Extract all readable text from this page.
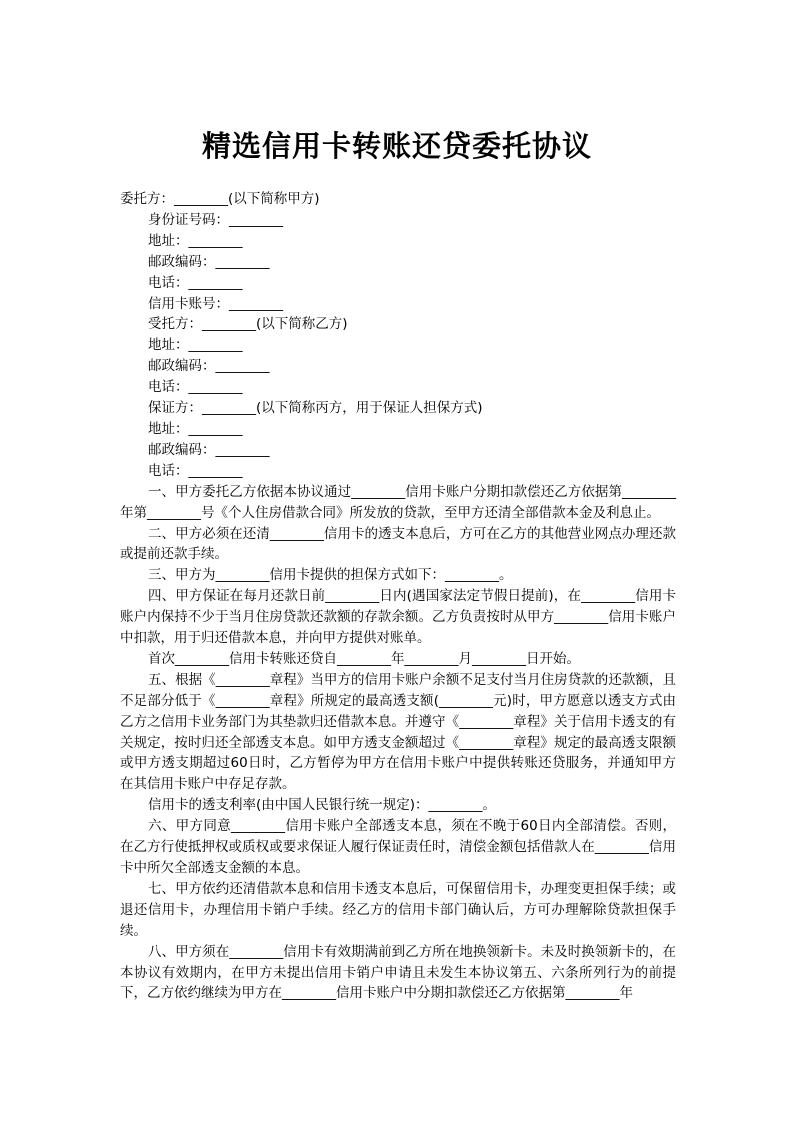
精选信用卡转账还贷委托协议
委托方：________(以下简称甲方)
身份证号码：________
地址：________
邮政编码：________
电话：________
信用卡账号：________
受托方：________(以下简称乙方)
地址：________
邮政编码：________
电话：________
保证方：________(以下简称丙方，用于保证人担保方式)
地址：________
邮政编码：________
电话：________
一、甲方委托乙方依据本协议通过________信用卡账户分期扣款偿还乙方依据第________年第________号《个人住房借款合同》所发放的贷款，至甲方还清全部借款本金及利息止。
二、甲方必须在还清________信用卡的透支本息后，方可在乙方的其他营业网点办理还款或提前还款手续。
三、甲方为________信用卡提供的担保方式如下：________。
四、甲方保证在每月还款日前________日内(遇国家法定节假日提前)，在________信用卡账户内保持不少于当月住房贷款还款额的存款余额。乙方负责按时从甲方________信用卡账户中扣款，用于归还借款本息，并向甲方提供对账单。
首次________信用卡转账还贷自________年________月________日开始。
五、根据《________章程》当甲方的信用卡账户余额不足支付当月住房贷款的还款额，且不足部分低于《________章程》所规定的最高透支额(________元)时，甲方愿意以透支方式由乙方之信用卡业务部门为其垫款归还借款本息。并遵守《________章程》关于信用卡透支的有关规定，按时归还全部透支本息。如甲方透支金额超过《________章程》规定的最高透支限额或甲方透支期超过60日时，乙方暂停为甲方在信用卡账户中提供转账还贷服务，并通知甲方在其信用卡账户中存足存款。
信用卡的透支利率(由中国人民银行统一规定)：________。
六、甲方同意________信用卡账户全部透支本息，须在不晚于60日内全部清偿。否则，在乙方行使抵押权或质权或要求保证人履行保证责任时，清偿金额包括借款人在________信用卡中所欠全部透支金额的本息。
七、甲方依约还清借款本息和信用卡透支本息后，可保留信用卡，办理变更担保手续；或退还信用卡，办理信用卡销户手续。经乙方的信用卡部门确认后，方可办理解除贷款担保手续。
八、甲方须在________信用卡有效期满前到乙方所在地换领新卡。未及时换领新卡的，在本协议有效期内，在甲方未提出信用卡销户申请且未发生本协议第五、六条所列行为的前提下，乙方依约继续为甲方在________信用卡账户中分期扣款偿还乙方依据第________年
